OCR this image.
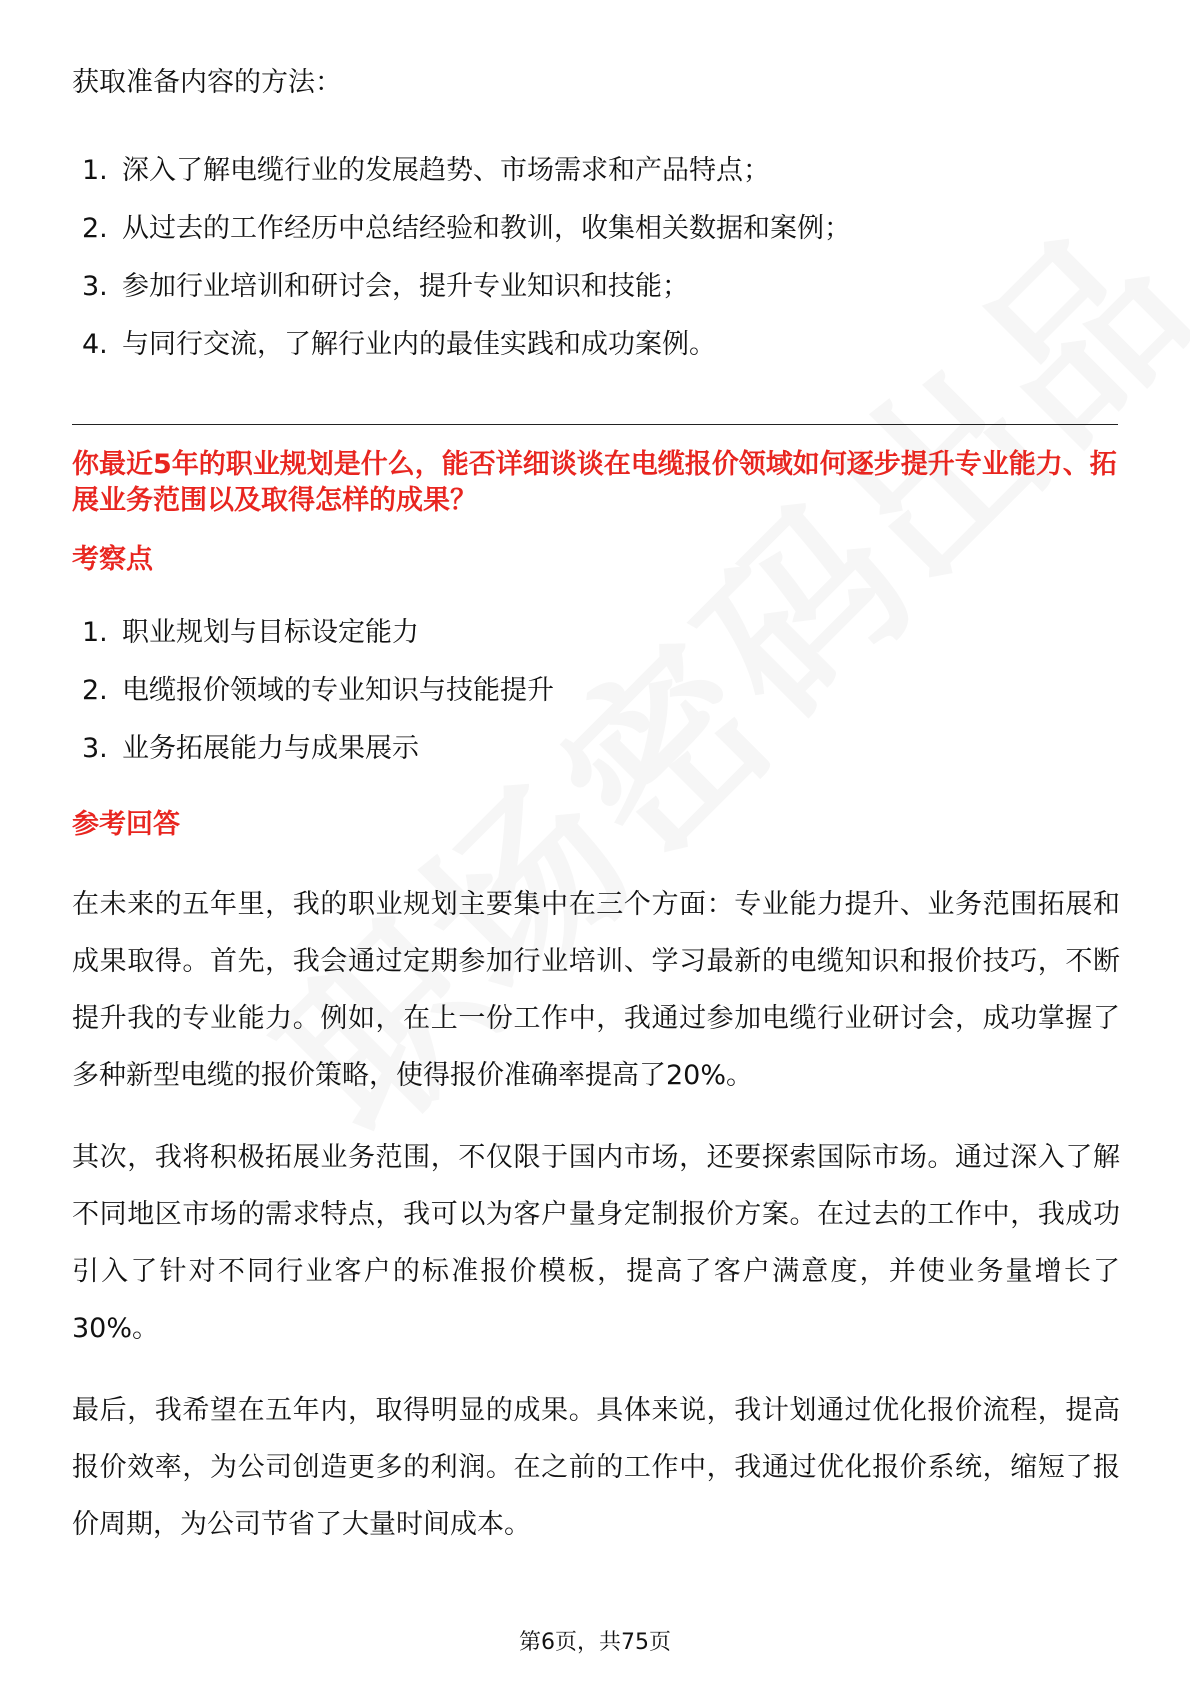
获取准备内容的方法：
1. 深入了解电缆行业的发展趋势、市场需求和产品特点；
2. 从过去的工作经历中总结经验和教训，收集相关数据和案例；
3. 参加行业培训和研讨会，提升专业知识和技能；
4. 与同行交流，了解行业内的最佳实践和成功案例。
你最近5年的职业规划是什么，能否详细谈谈在电缆报价领域如何逐步提升专业能力、拓展业务范围以及取得怎样的成果？
考察点
1. 职业规划与目标设定能力
2. 电缆报价领域的专业知识与技能提升
3. 业务拓展能力与成果展示
参考回答
在未来的五年里，我的职业规划主要集中在三个方面：专业能力提升、业务范围拓展和成果取得。首先，我会通过定期参加行业培训、学习最新的电缆知识和报价技巧，不断提升我的专业能力。例如，在上一份工作中，我通过参加电缆行业研讨会，成功掌握了多种新型电缆的报价策略，使得报价准确率提高了20%。
其次，我将积极拓展业务范围，不仅限于国内市场，还要探索国际市场。通过深入了解不同地区市场的需求特点，我可以为客户量身定制报价方案。在过去的工作中，我成功引入了针对不同行业客户的标准报价模板，提高了客户满意度，并使业务量增长了30%。
最后，我希望在五年内，取得明显的成果。具体来说，我计划通过优化报价流程，提高报价效率，为公司创造更多的利润。在之前的工作中，我通过优化报价系统，缩短了报价周期，为公司节省了大量时间成本。
第6页，共75页
